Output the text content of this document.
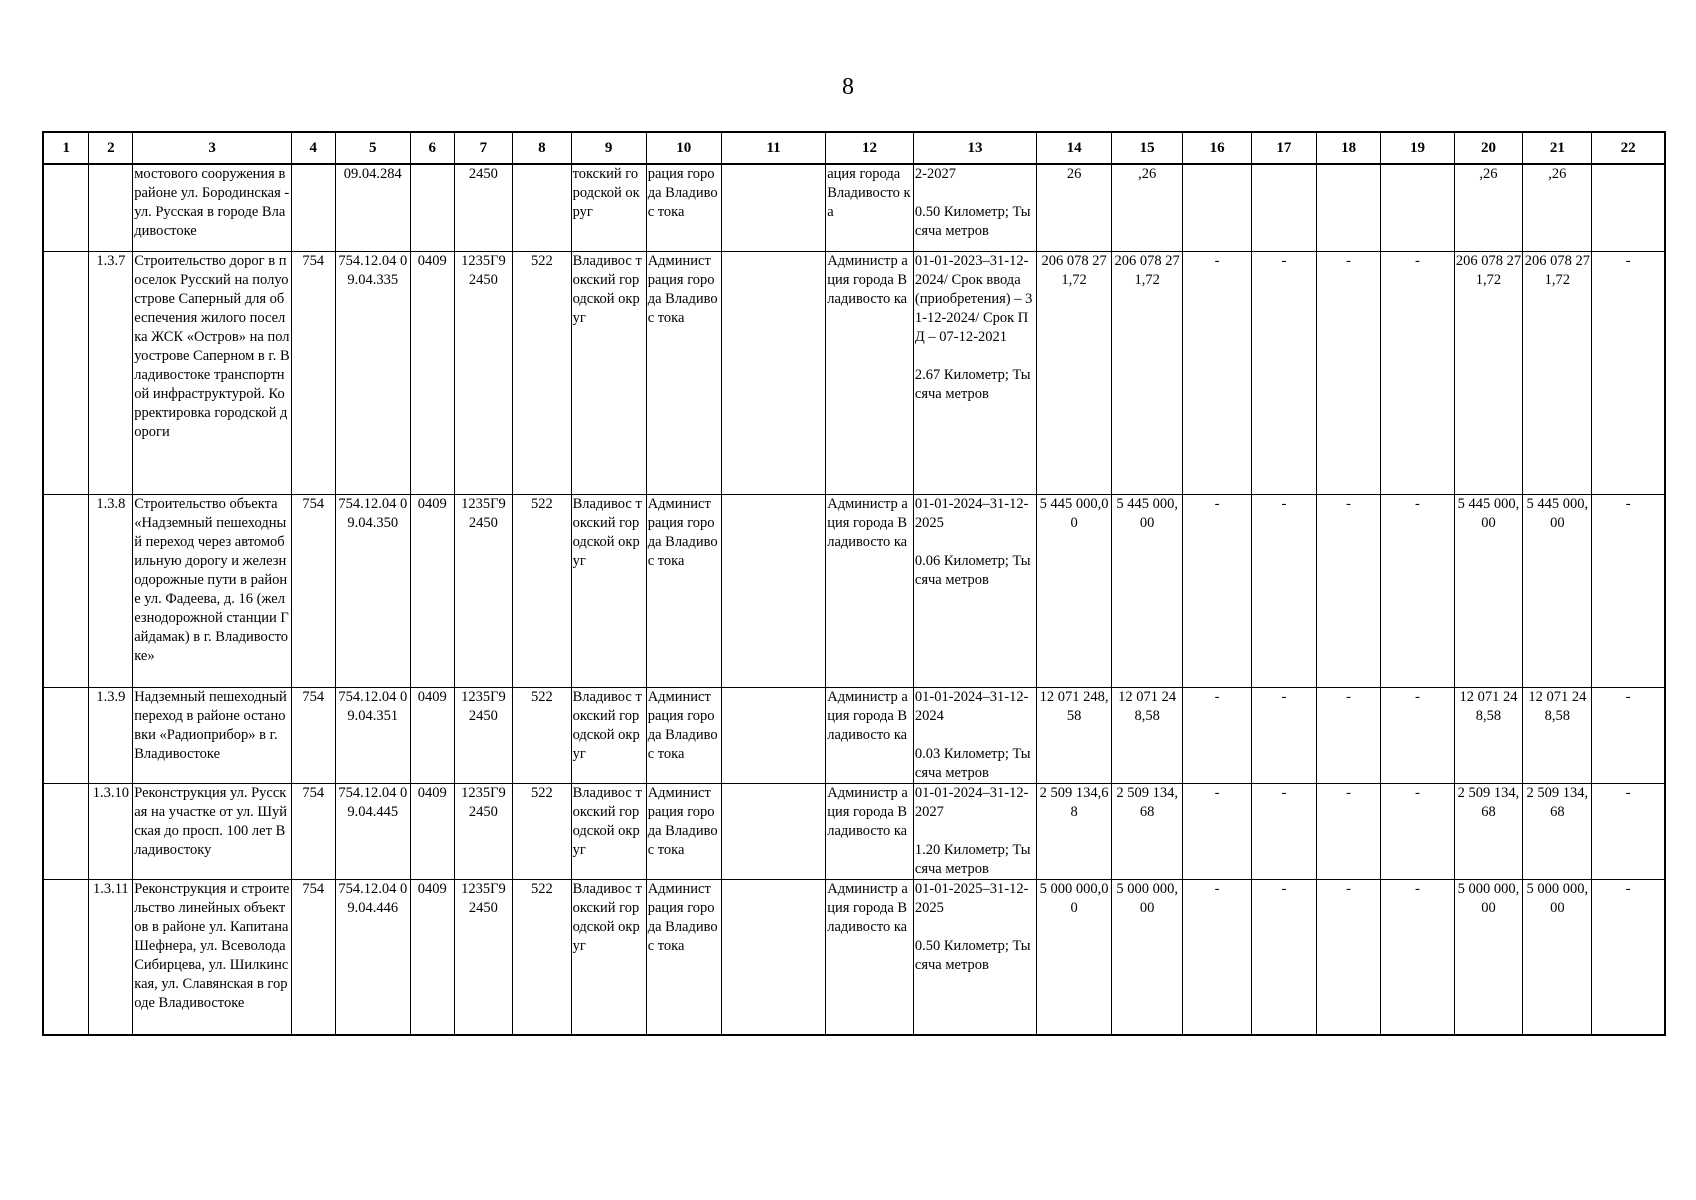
8
1	2	3	4	5	6	7	8	9	10	11	12	13	14	15	16	17	18	19	20	21	22
		мостового сооружения в районе ул. Бородинская - ул. Русская в городе Владивостоке		09.04.284		2450		токский городской округ	рация города Владивос тока		ация города Владивосто ка	2-2027
0.50 Километр; Тысяча метров	26	,26					,26	,26	
	1.3.7	Строительство дорог в поселок Русский на полуострове Саперный для обеспечения жилого поселка ЖСК «Остров» на полуострове Саперном в г. Владивостоке транспортной инфраструктурой. Корректировка городской дороги	754	754.12.04 09.04.335	0409	1235Г9 2450	522	Владивос токский городской округ	Админист рация города Владивос тока		Администр ация города Владивосто ка	01-01-2023–31-12-2024/ Срок ввода (приобретения) – 31-12-2024/ Срок ПД – 07-12-2021
2.67 Километр; Тысяча метров	206 078 271,72	206 078 271,72	-	-	-	-	206 078 271,72	206 078 271,72	-
	1.3.8	Строительство объекта «Надземный пешеходный переход через автомобильную дорогу и железнодорожные пути в районе ул. Фадеева, д. 16 (железнодорожной станции Гайдамак) в г. Владивостоке»	754	754.12.04 09.04.350	0409	1235Г9 2450	522	Владивос токский городской округ	Админист рация города Владивос тока		Администр ация города Владивосто ка	01-01-2024–31-12-2025
0.06 Километр; Тысяча метров	5 445 000,00	5 445 000,00	-	-	-	-	5 445 000,00	5 445 000,00	-
	1.3.9	Надземный пешеходный переход в районе остановки «Радиоприбор» в г. Владивостоке	754	754.12.04 09.04.351	0409	1235Г9 2450	522	Владивос токский городской округ	Админист рация города Владивос тока		Администр ация города Владивосто ка	01-01-2024–31-12-2024
0.03 Километр; Тысяча метров	12 071 248,58	12 071 248,58	-	-	-	-	12 071 248,58	12 071 248,58	-
	1.3.10	Реконструкция ул. Русская на участке от ул. Шуйская до просп. 100 лет Владивостоку	754	754.12.04 09.04.445	0409	1235Г9 2450	522	Владивос токский городской округ	Админист рация города Владивос тока		Администр ация города Владивосто ка	01-01-2024–31-12-2027
1.20 Километр; Тысяча метров	2 509 134,68	2 509 134,68	-	-	-	-	2 509 134,68	2 509 134,68	-
	1.3.11	Реконструкция и строительство линейных объектов в районе ул. Капитана Шефнера, ул. Всеволода Сибирцева, ул. Шилкинская, ул. Славянская в городе Владивостоке	754	754.12.04 09.04.446	0409	1235Г9 2450	522	Владивос токский городской округ	Админист рация города Владивос тока		Администр ация города Владивосто ка	01-01-2025–31-12-2025
0.50 Километр; Тысяча метров	5 000 000,00	5 000 000,00	-	-	-	-	5 000 000,00	5 000 000,00	-
